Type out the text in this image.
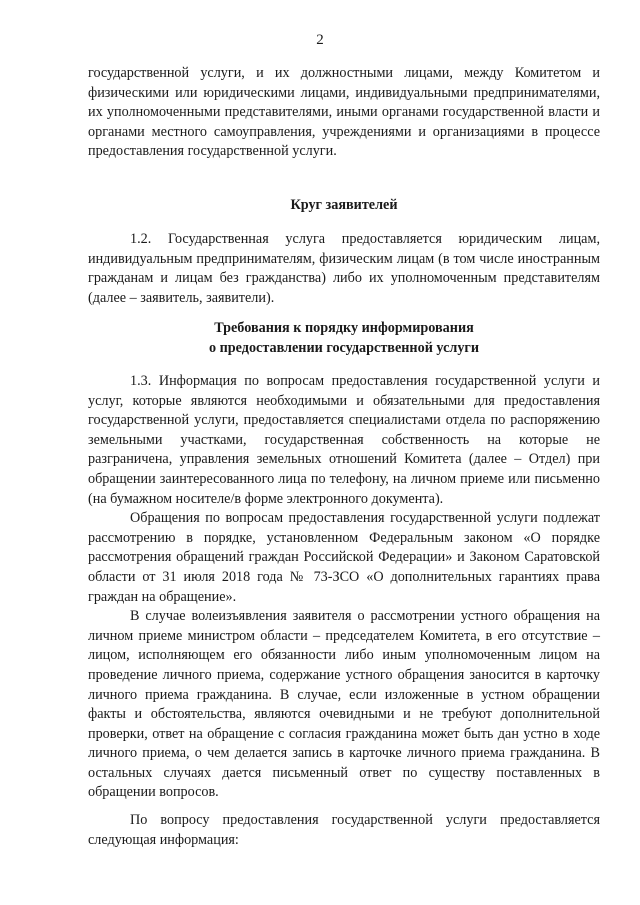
2

государственной услуги, и их должностными лицами, между Комитетом и физическими или юридическими лицами, индивидуальными предпринимателями, их уполномоченными представителями, иными органами государственной власти и органами местного самоуправления, учреждениями и организациями в процессе предоставления государственной услуги.

Круг заявителей

1.2. Государственная услуга предоставляется юридическим лицам, индивидуальным предпринимателям, физическим лицам (в том числе иностранным гражданам и лицам без гражданства) либо их уполномоченным представителям (далее – заявитель, заявители).

Требования к порядку информирования
о предоставлении государственной услуги

1.3. Информация по вопросам предоставления государственной услуги и услуг, которые являются необходимыми и обязательными для предоставления государственной услуги, предоставляется специалистами отдела по распоряжению земельными участками, государственная собственность на которые не разграничена, управления земельных отношений Комитета (далее – Отдел) при обращении заинтересованного лица по телефону, на личном приеме или письменно (на бумажном носителе/в форме электронного документа).

Обращения по вопросам предоставления государственной услуги подлежат рассмотрению в порядке, установленном Федеральным законом «О порядке рассмотрения обращений граждан Российской Федерации» и Законом Саратовской области от 31 июля 2018 года № 73-ЗСО «О дополнительных гарантиях права граждан на обращение».

В случае волеизъявления заявителя о рассмотрении устного обращения на личном приеме министром области – председателем Комитета, в его отсутствие – лицом, исполняющем его обязанности либо иным уполномоченным лицом на проведение личного приема, содержание устного обращения заносится в карточку личного приема гражданина. В случае, если изложенные в устном обращении факты и обстоятельства, являются очевидными и не требуют дополнительной проверки, ответ на обращение с согласия гражданина может быть дан устно в ходе личного приема, о чем делается запись в карточке личного приема гражданина. В остальных случаях дается письменный ответ по существу поставленных в обращении вопросов.

По вопросу предоставления государственной услуги предоставляется следующая информация:
